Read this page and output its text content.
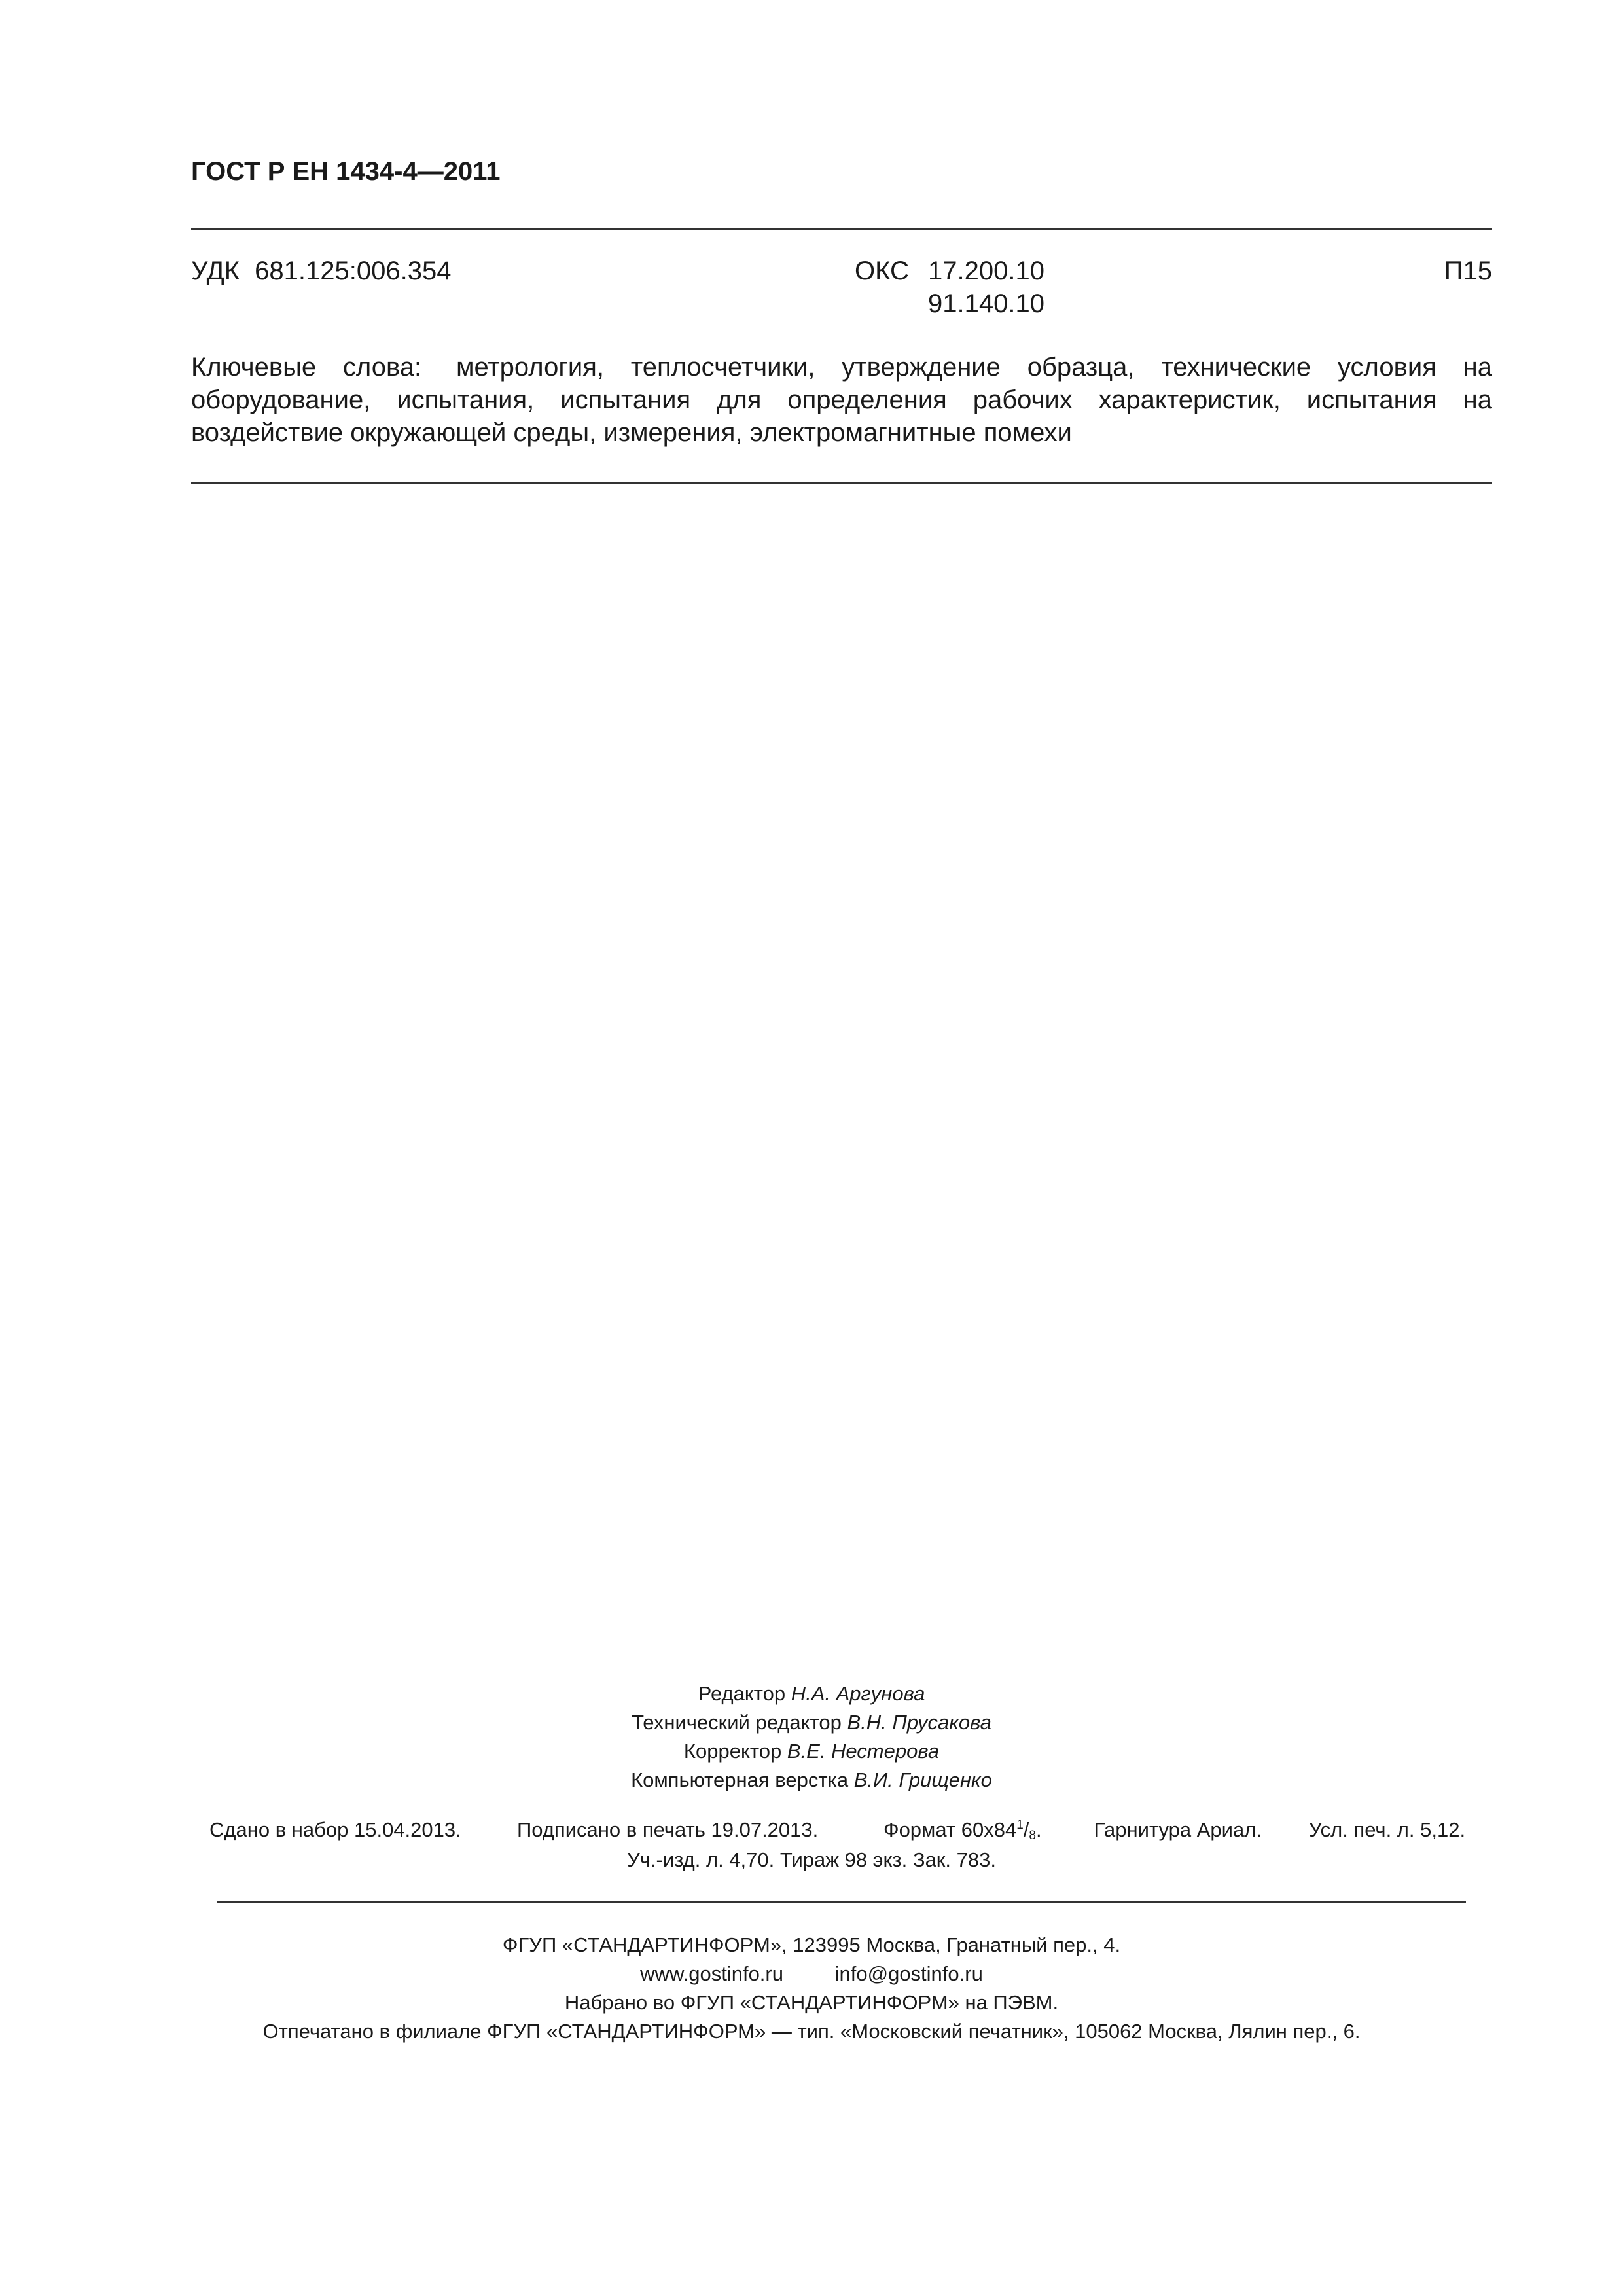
ГОСТ Р ЕН 1434-4—2011
УДК 681.125:006.354	ОКС 17.200.10
91.140.10
П15
Ключевые слова: метрология, теплосчетчики, утверждение образца, технические условия на оборудование, испытания, испытания для определения рабочих характеристик, испытания на воздействие окружающей среды, измерения, электромагнитные помехи
Редактор Н.А. Аргунова
Технический редактор В.Н. Прусакова
Корректор В.Е. Нестерова
Компьютерная верстка В.И. Грищенко
Сдано в набор 15.04.2013.	Подписано в печать 19.07.2013.	Формат $60x84^1/_8$.	Гарнитура Ариал. Усл. печ. л. 5,12.
Уч.-изд. л. 4,70. Тираж 98 экз. Зак. 783.
ФГУП «СТАНДАРТИНФОРМ», 123995 Москва, Гранатный пер., 4.
www.gostinfo.ru	info@gostinfo.ru
Набрано во ФГУП «СТАНДАРТИНФОРМ» на ПЭВМ.
Отпечатано в филиале ФГУП «СТАНДАРТИНФОРМ» — тип. «Московский печатник», 105062 Москва, Лялин пер., 6.
